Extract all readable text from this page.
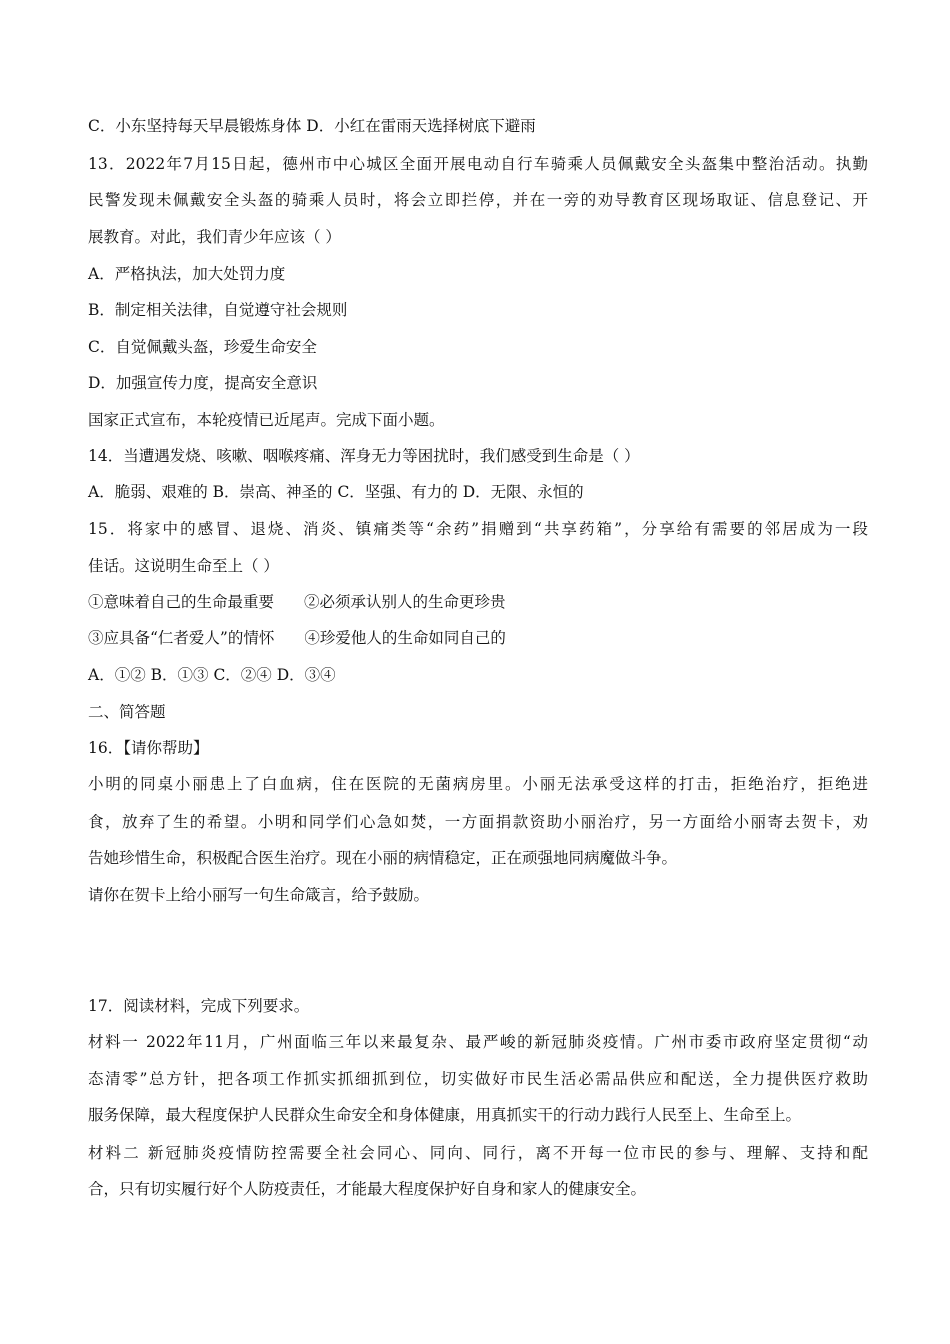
C．小东坚持每天早晨锻炼身体 D．小红在雷雨天选择树底下避雨
13．2022年7月15日起，德州市中心城区全面开展电动自行车骑乘人员佩戴安全头盔集中整治活动。执勤
民警发现未佩戴安全头盔的骑乘人员时，将会立即拦停，并在一旁的劝导教育区现场取证、信息登记、开
展教育。对此，我们青少年应该（ ）
A．严格执法，加大处罚力度
B．制定相关法律，自觉遵守社会规则
C．自觉佩戴头盔，珍爱生命安全
D．加强宣传力度，提高安全意识
国家正式宣布，本轮疫情已近尾声。完成下面小题。
14．当遭遇发烧、咳嗽、咽喉疼痛、浑身无力等困扰时，我们感受到生命是（ ）
A．脆弱、艰难的 B．崇高、神圣的 C．坚强、有力的 D．无限、永恒的
15．将家中的感冒、退烧、消炎、镇痛类等“余药”捐赠到“共享药箱”，分享给有需要的邻居成为一段
佳话。这说明生命至上（ ）
①意味着自己的生命最重要 ②必须承认别人的生命更珍贵
③应具备“仁者爱人”的情怀 ④珍爱他人的生命如同自己的
A．①② B．①③ C．②④ D．③④
二、简答题
16．【请你帮助】
小明的同桌小丽患上了白血病，住在医院的无菌病房里。小丽无法承受这样的打击，拒绝治疗，拒绝进
食，放弃了生的希望。小明和同学们心急如焚，一方面捐款资助小丽治疗，另一方面给小丽寄去贺卡，劝
告她珍惜生命，积极配合医生治疗。现在小丽的病情稳定，正在顽强地同病魔做斗争。
请你在贺卡上给小丽写一句生命箴言，给予鼓励。
17．阅读材料，完成下列要求。
材料一 2022年11月，广州面临三年以来最复杂、最严峻的新冠肺炎疫情。广州市委市政府坚定贯彻“动
态清零”总方针，把各项工作抓实抓细抓到位，切实做好市民生活必需品供应和配送，全力提供医疗救助
服务保障，最大程度保护人民群众生命安全和身体健康，用真抓实干的行动力践行人民至上、生命至上。
材料二 新冠肺炎疫情防控需要全社会同心、同向、同行，离不开每一位市民的参与、理解、支持和配
合，只有切实履行好个人防疫责任，才能最大程度保护好自身和家人的健康安全。
